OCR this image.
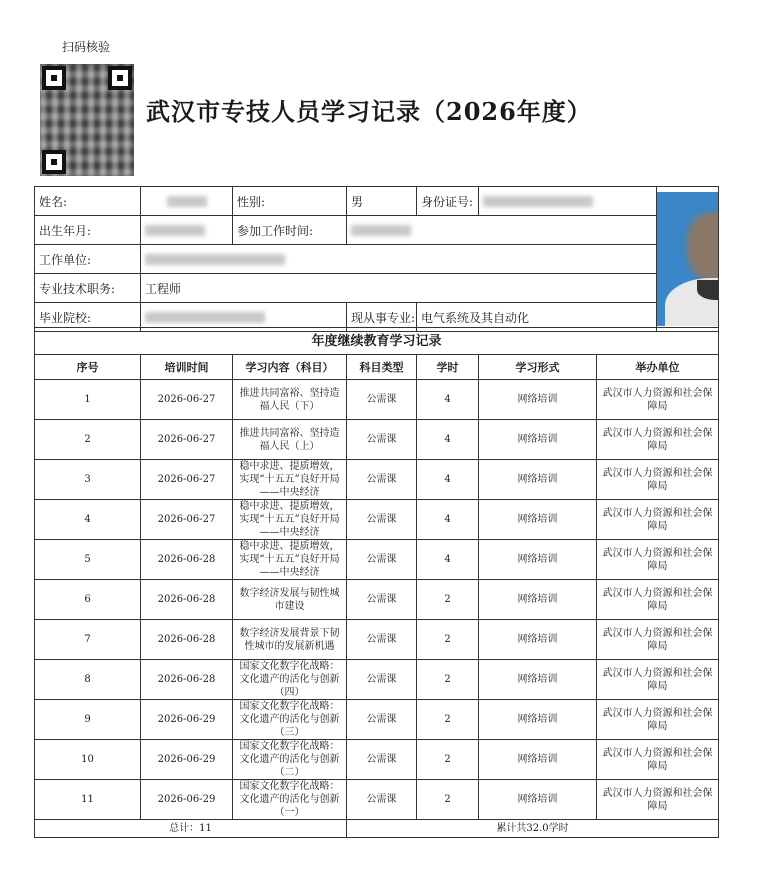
扫码核验
武汉市专技人员学习记录（2026年度）
姓名:		性别:	男	身份证号:		

出生年月:		参加工作时间:				
工作单位:						
专业技术职务:	工程师					
毕业院校:			现从事专业:	电气系统及其自动化		
年度继续教育学习记录						
序号	培训时间	学习内容（科目）	科目类型	学时	学习形式	举办单位
1	2026-06-27	推进共同富裕、坚持造福人民（下）	公需课	4	网络培训	武汉市人力资源和社会保障局
2	2026-06-27	推进共同富裕、坚持造福人民（上）	公需课	4	网络培训	武汉市人力资源和社会保障局
3	2026-06-27	稳中求进、提质增效，实现“十五五”良好开局——中央经济	公需课	4	网络培训	武汉市人力资源和社会保障局
4	2026-06-27	稳中求进、提质增效，实现“十五五”良好开局——中央经济	公需课	4	网络培训	武汉市人力资源和社会保障局
5	2026-06-28	稳中求进、提质增效，实现“十五五”良好开局——中央经济	公需课	4	网络培训	武汉市人力资源和社会保障局
6	2026-06-28	数字经济发展与韧性城市建设	公需课	2	网络培训	武汉市人力资源和社会保障局
7	2026-06-28	数字经济发展背景下韧性城市的发展新机遇	公需课	2	网络培训	武汉市人力资源和社会保障局
8	2026-06-28	国家文化数字化战略：文化遗产的活化与创新（四）	公需课	2	网络培训	武汉市人力资源和社会保障局
9	2026-06-29	国家文化数字化战略：文化遗产的活化与创新（三）	公需课	2	网络培训	武汉市人力资源和社会保障局
10	2026-06-29	国家文化数字化战略：文化遗产的活化与创新（二）	公需课	2	网络培训	武汉市人力资源和社会保障局
11	2026-06-29	国家文化数字化战略：文化遗产的活化与创新（一）	公需课	2	网络培训	武汉市人力资源和社会保障局
总计：11			累计共32.0学时			
